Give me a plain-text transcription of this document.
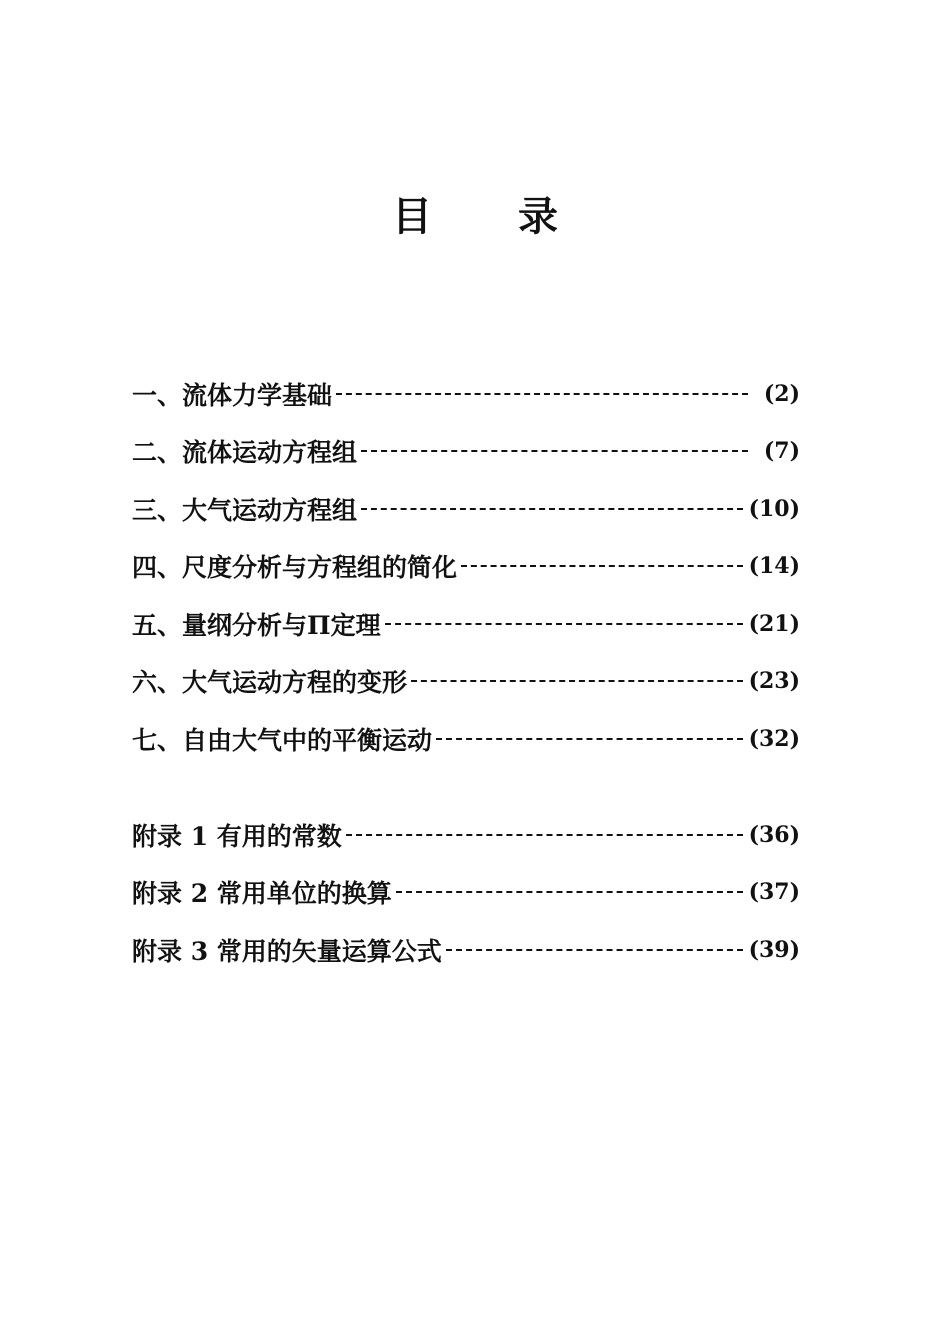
目 录
一、流体力学基础	(2)
二、流体运动方程组	(7)
三、大气运动方程组	(10)
四、尺度分析与方程组的简化	(14)
五、量纲分析与Π定理	(21)
六、大气运动方程的变形	(23)
七、自由大气中的平衡运动	(32)
附录 1 有用的常数	(36)
附录 2 常用单位的换算	(37)
附录 3 常用的矢量运算公式	(39)
